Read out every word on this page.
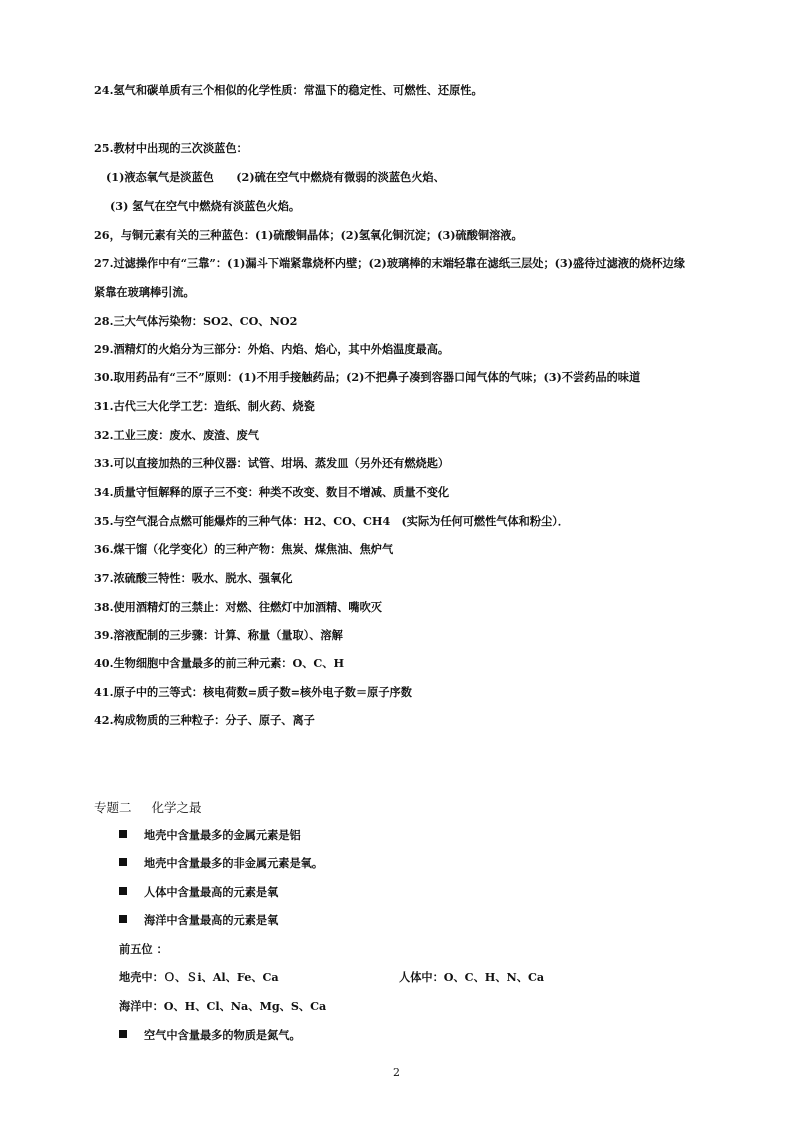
24.氢气和碳单质有三个相似的化学性质：常温下的稳定性、可燃性、还原性。
25.教材中出现的三次淡蓝色：
(1)液态氧气是淡蓝色　　(2)硫在空气中燃烧有微弱的淡蓝色火焰、
(3) 氢气在空气中燃烧有淡蓝色火焰。
26，与铜元素有关的三种蓝色：(1)硫酸铜晶体；(2)氢氧化铜沉淀；(3)硫酸铜溶液。
27.过滤操作中有“三靠”：(1)漏斗下端紧靠烧杯内壁；(2)玻璃棒的末端轻靠在滤纸三层处；(3)盛待过滤液的烧杯边缘
紧靠在玻璃棒引流。
28.三大气体污染物：SO2、CO、NO2
29.酒精灯的火焰分为三部分：外焰、内焰、焰心，其中外焰温度最高。
30.取用药品有“三不”原则：(1)不用手接触药品；(2)不把鼻子凑到容器口闻气体的气味；(3)不尝药品的味道
31.古代三大化学工艺：造纸、制火药、烧瓷
32.工业三废：废水、废渣、废气
33.可以直接加热的三种仪器：试管、坩埚、蒸发皿（另外还有燃烧匙）
34.质量守恒解释的原子三不变：种类不改变、数目不增减、质量不变化
35.与空气混合点燃可能爆炸的三种气体：H2、CO、CH4　(实际为任何可燃性气体和粉尘）．
36.煤干馏（化学变化）的三种产物：焦炭、煤焦油、焦炉气
37.浓硫酸三特性：吸水、脱水、强氧化
38.使用酒精灯的三禁止：对燃、往燃灯中加酒精、嘴吹灭
39.溶液配制的三步骤：计算、称量（量取）、溶解
40.生物细胞中含量最多的前三种元素：O、C、H
41.原子中的三等式：核电荷数=质子数=核外电子数＝原子序数
42.构成物质的三种粒子：分子、原子、离子
专题二 化学之最
地壳中含量最多的金属元素是铝
地壳中含量最多的非金属元素是氧。
人体中含量最高的元素是氧
海洋中含量最高的元素是氧
前五位 ：
地壳中：Ｏ、Ｓi、Al、Fe、Ca	人体中：O、C、H、N、Ca
海洋中：O、H、Cl、Na、Mg、S、Ca
空气中含量最多的物质是氮气。
2
